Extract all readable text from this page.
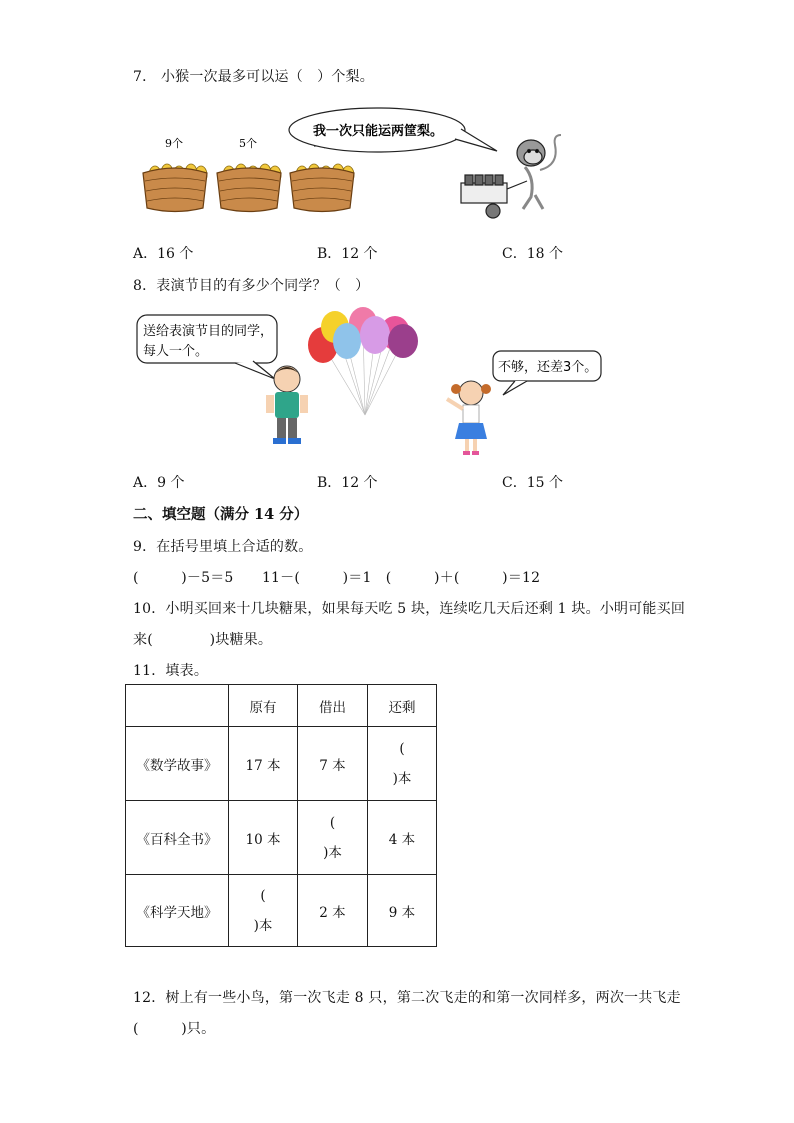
7． 小猴一次最多可以运（　）个梨。
9个	5个
我一次只能运两筐梨。
A．16 个	B．12 个	C．18 个
8．表演节目的有多少个同学？（　）
送给表演节目的同学，
每人一个。
不够，还差3个。
A．9 个	B．12 个	C．15 个
二、填空题（满分 14 分）
9．在括号里填上合适的数。
(　　　)－5＝5　　11－(　　　)＝1　(　　　)＋(　　　)＝12
10．小明买回来十几块糖果，如果每天吃 5 块，连续吃几天后还剩 1 块。小明可能买回
来(　　　　)块糖果。
11．填表。
	原有	借出	还剩
《数学故事》	17 本	7 本	(
)本
《百科全书》	10 本	(
)本	4 本
《科学天地》	(
)本	2 本	9 本
12．树上有一些小鸟，第一次飞走 8 只，第二次飞走的和第一次同样多，两次一共飞走
(　　　)只。
